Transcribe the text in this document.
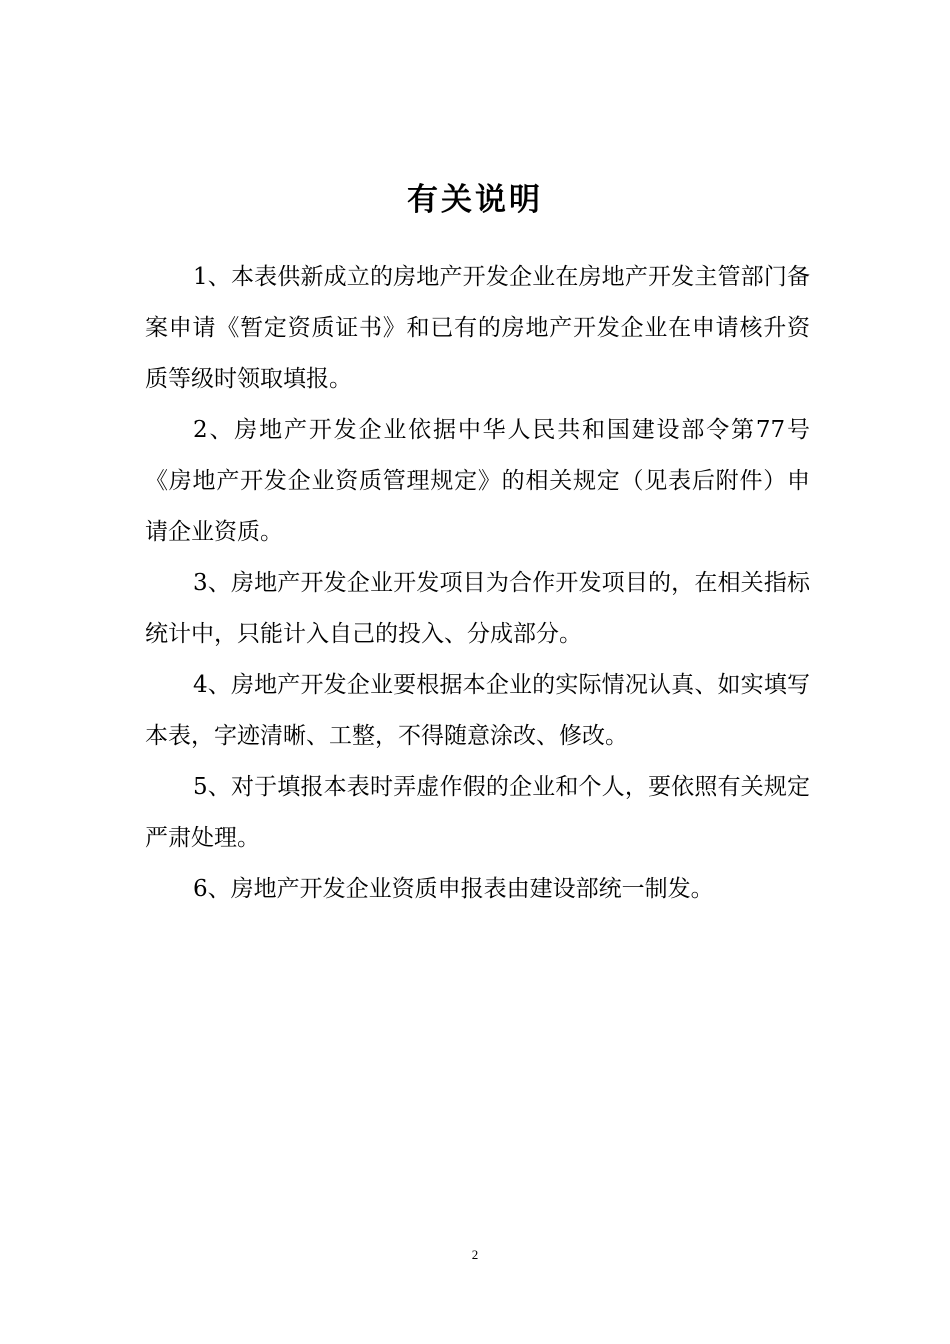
有关说明

1、本表供新成立的房地产开发企业在房地产开发主管部门备案申请《暂定资质证书》和已有的房地产开发企业在申请核升资质等级时领取填报。

2、房地产开发企业依据中华人民共和国建设部令第77号《房地产开发企业资质管理规定》的相关规定（见表后附件）申请企业资质。

3、房地产开发企业开发项目为合作开发项目的，在相关指标统计中，只能计入自己的投入、分成部分。

4、房地产开发企业要根据本企业的实际情况认真、如实填写本表，字迹清晰、工整，不得随意涂改、修改。

5、对于填报本表时弄虚作假的企业和个人，要依照有关规定严肃处理。

6、房地产开发企业资质申报表由建设部统一制发。

2
